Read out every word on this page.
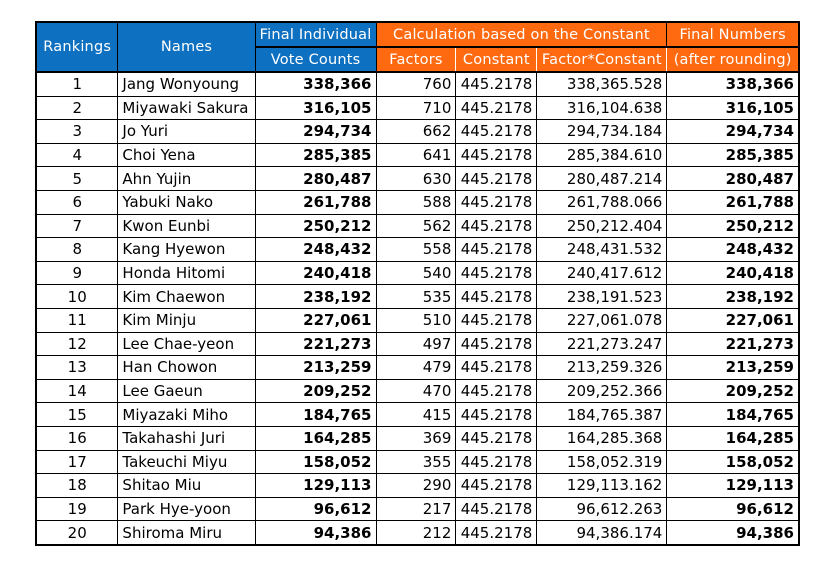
Rankings	Names	Final Individual	Calculation based on the Constant			Final Numbers
		Vote Counts	Factors	Constant	Factor*Constant	(after rounding)
1	Jang Wonyoung	338,366	760	445.2178	338,365.528	338,366
2	Miyawaki Sakura	316,105	710	445.2178	316,104.638	316,105
3	Jo Yuri	294,734	662	445.2178	294,734.184	294,734
4	Choi Yena	285,385	641	445.2178	285,384.610	285,385
5	Ahn Yujin	280,487	630	445.2178	280,487.214	280,487
6	Yabuki Nako	261,788	588	445.2178	261,788.066	261,788
7	Kwon Eunbi	250,212	562	445.2178	250,212.404	250,212
8	Kang Hyewon	248,432	558	445.2178	248,431.532	248,432
9	Honda Hitomi	240,418	540	445.2178	240,417.612	240,418
10	Kim Chaewon	238,192	535	445.2178	238,191.523	238,192
11	Kim Minju	227,061	510	445.2178	227,061.078	227,061
12	Lee Chae-yeon	221,273	497	445.2178	221,273.247	221,273
13	Han Chowon	213,259	479	445.2178	213,259.326	213,259
14	Lee Gaeun	209,252	470	445.2178	209,252.366	209,252
15	Miyazaki Miho	184,765	415	445.2178	184,765.387	184,765
16	Takahashi Juri	164,285	369	445.2178	164,285.368	164,285
17	Takeuchi Miyu	158,052	355	445.2178	158,052.319	158,052
18	Shitao Miu	129,113	290	445.2178	129,113.162	129,113
19	Park Hye-yoon	96,612	217	445.2178	96,612.263	96,612
20	Shiroma Miru	94,386	212	445.2178	94,386.174	94,386
